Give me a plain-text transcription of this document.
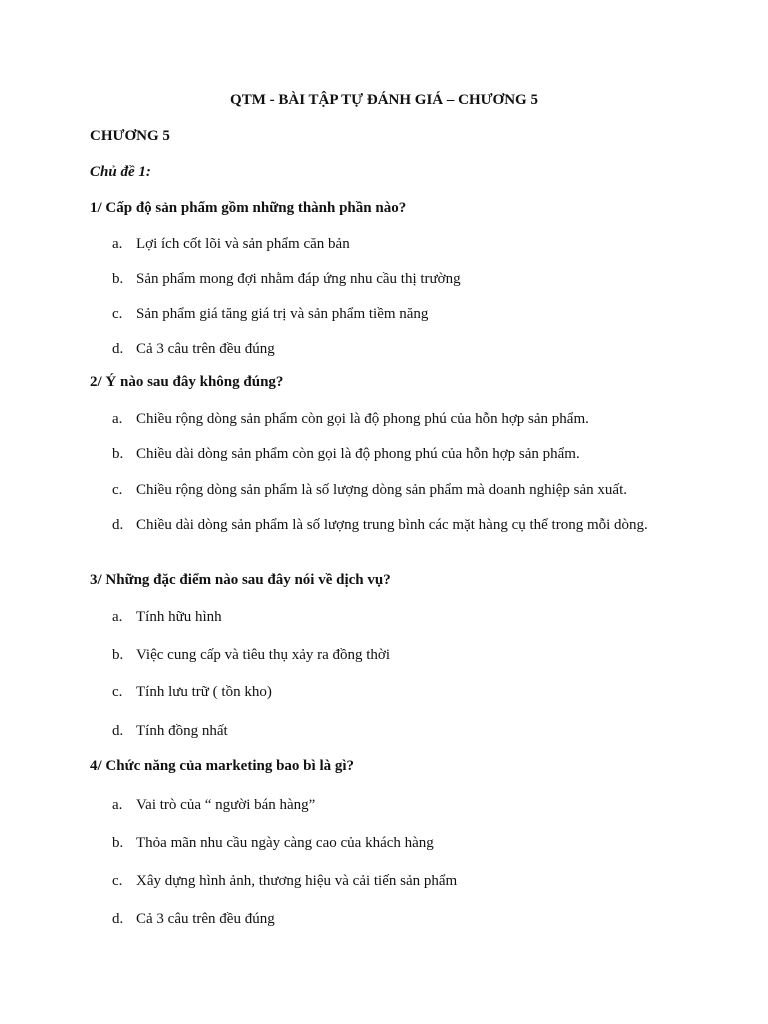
QTM - BÀI TẬP TỰ ĐÁNH GIÁ – CHƯƠNG 5
CHƯƠNG 5
Chủ đề 1:
1/ Cấp độ sản phẩm gồm những thành phần nào?
a. Lợi ích cốt lõi và sản phẩm căn bản
b. Sản phẩm mong đợi nhằm đáp ứng nhu cầu thị trường
c. Sản phẩm giá tăng giá trị và sản phẩm tiềm năng
d. Cả 3 câu trên đều đúng
2/ Ý nào sau đây không đúng?
a. Chiều rộng dòng sản phẩm còn gọi là độ phong phú của hỗn hợp sản phẩm.
b. Chiều dài dòng sản phẩm còn gọi là độ phong phú của hỗn hợp sản phẩm.
c. Chiều rộng dòng sản phẩm là số lượng dòng sản phẩm mà doanh nghiệp sản xuất.
d. Chiều dài dòng sản phẩm là số lượng trung bình các mặt hàng cụ thể trong mỗi dòng.
3/ Những đặc điểm nào sau đây nói về dịch vụ?
a. Tính hữu hình
b. Việc cung cấp và tiêu thụ xảy ra đồng thời
c. Tính lưu trữ ( tồn kho)
d. Tính đồng nhất
4/ Chức năng của marketing bao bì là gì?
a. Vai trò của “ người bán hàng”
b. Thỏa mãn nhu cầu ngày càng cao của khách hàng
c. Xây dựng hình ảnh, thương hiệu và cải tiến sản phẩm
d. Cả 3 câu trên đều đúng
